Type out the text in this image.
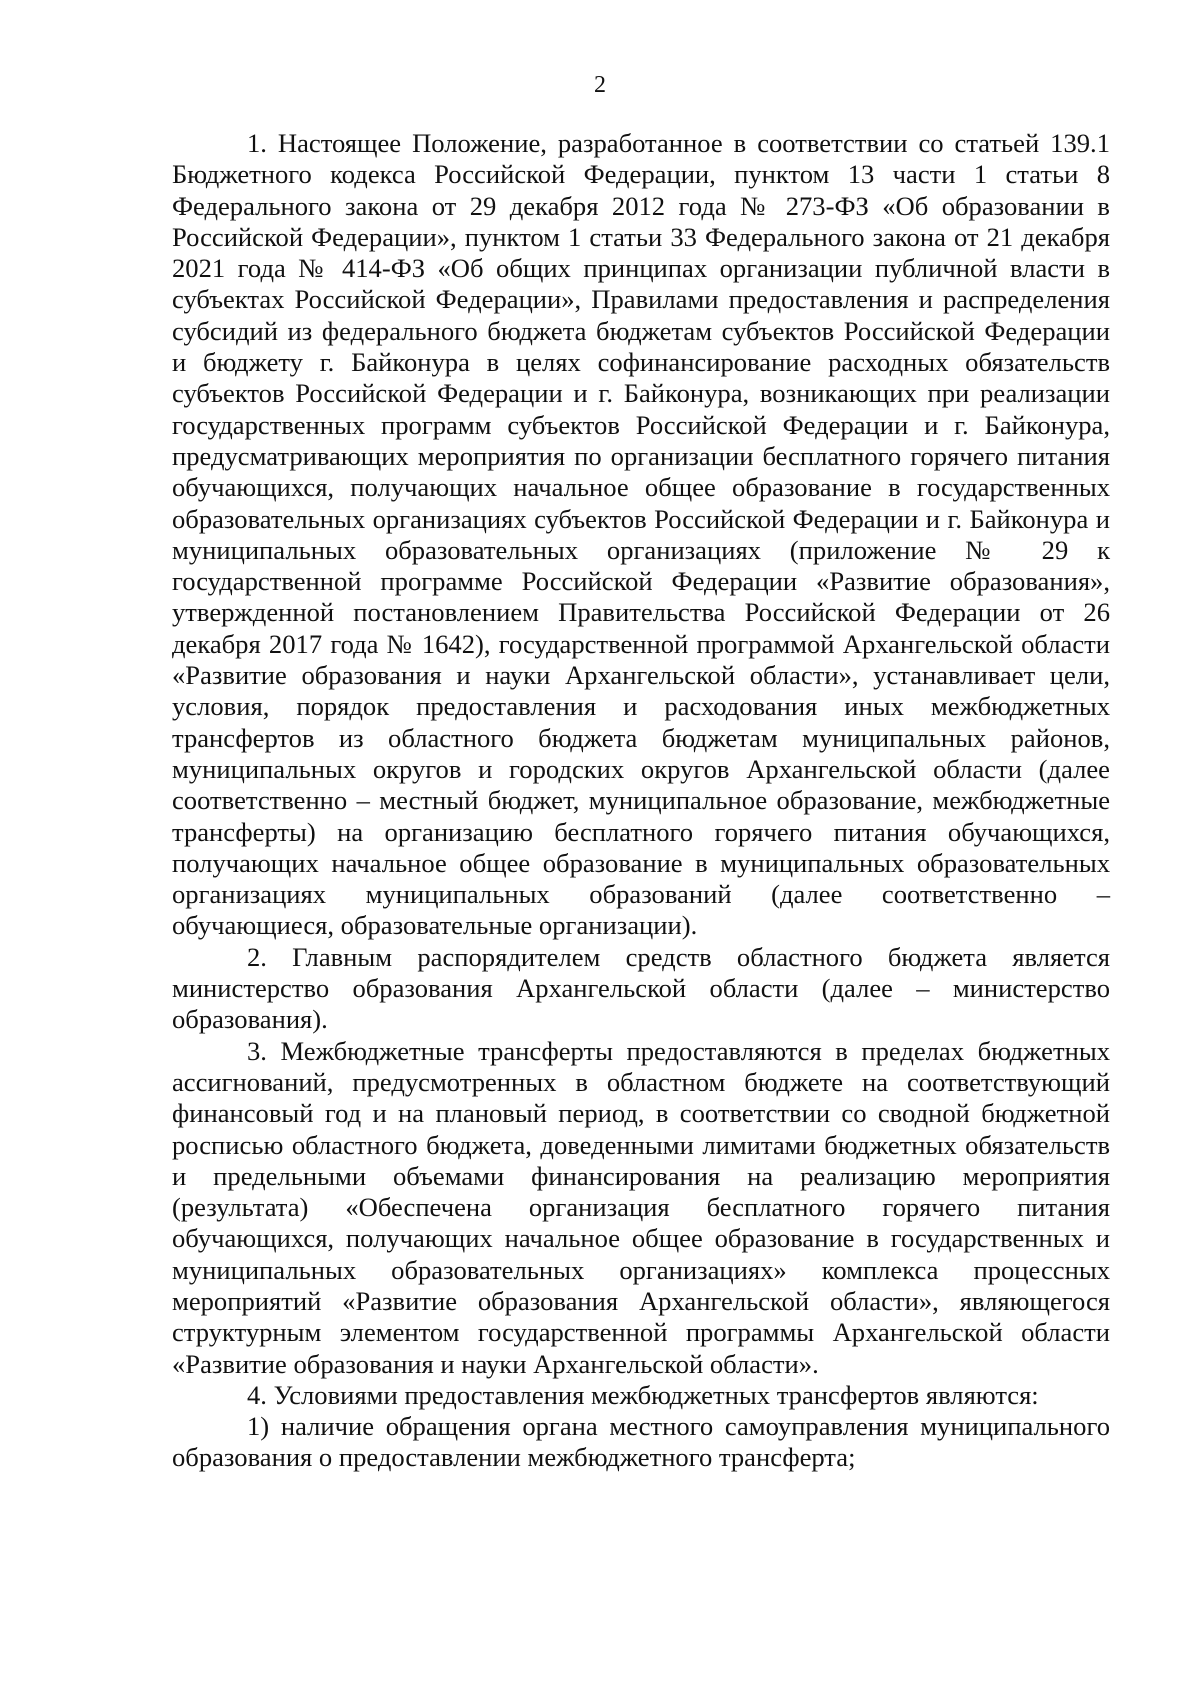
2

1. Настоящее Положение, разработанное в соответствии со статьей 139.1 Бюджетного кодекса Российской Федерации, пунктом 13 части 1 статьи 8 Федерального закона от 29 декабря 2012 года № 273-ФЗ «Об образовании в Российской Федерации», пунктом 1 статьи 33 Федерального закона от 21 декабря 2021 года № 414-ФЗ «Об общих принципах организации публичной власти в субъектах Российской Федерации», Правилами предоставления и распределения субсидий из федерального бюджета бюджетам субъектов Российской Федерации и бюджету г. Байконура в целях софинансирование расходных обязательств субъектов Российской Федерации и г. Байконура, возникающих при реализации государственных программ субъектов Российской Федерации и г. Байконура, предусматривающих мероприятия по организации бесплатного горячего питания обучающихся, получающих начальное общее образование в государственных образовательных организациях субъектов Российской Федерации и г. Байконура и муниципальных образовательных организациях (приложение № 29 к государственной программе Российской Федерации «Развитие образования», утвержденной постановлением Правительства Российской Федерации от 26 декабря 2017 года № 1642), государственной программой Архангельской области «Развитие образования и науки Архангельской области», устанавливает цели, условия, порядок предоставления и расходования иных межбюджетных трансфертов из областного бюджета бюджетам муниципальных районов, муниципальных округов и городских округов Архангельской области (далее соответственно – местный бюджет, муниципальное образование, межбюджетные трансферты) на организацию бесплатного горячего питания обучающихся, получающих начальное общее образование в муниципальных образовательных организациях муниципальных образований (далее соответственно – обучающиеся, образовательные организации).

2. Главным распорядителем средств областного бюджета является министерство образования Архангельской области (далее – министерство образования).

3. Межбюджетные трансферты предоставляются в пределах бюджетных ассигнований, предусмотренных в областном бюджете на соответствующий финансовый год и на плановый период, в соответствии со сводной бюджетной росписью областного бюджета, доведенными лимитами бюджетных обязательств и предельными объемами финансирования на реализацию мероприятия (результата) «Обеспечена организация бесплатного горячего питания обучающихся, получающих начальное общее образование в государственных и муниципальных образовательных организациях» комплекса процессных мероприятий «Развитие образования Архангельской области», являющегося структурным элементом государственной программы Архангельской области «Развитие образования и науки Архангельской области».

4. Условиями предоставления межбюджетных трансфертов являются:

1) наличие обращения органа местного самоуправления муниципального образования о предоставлении межбюджетного трансферта;
